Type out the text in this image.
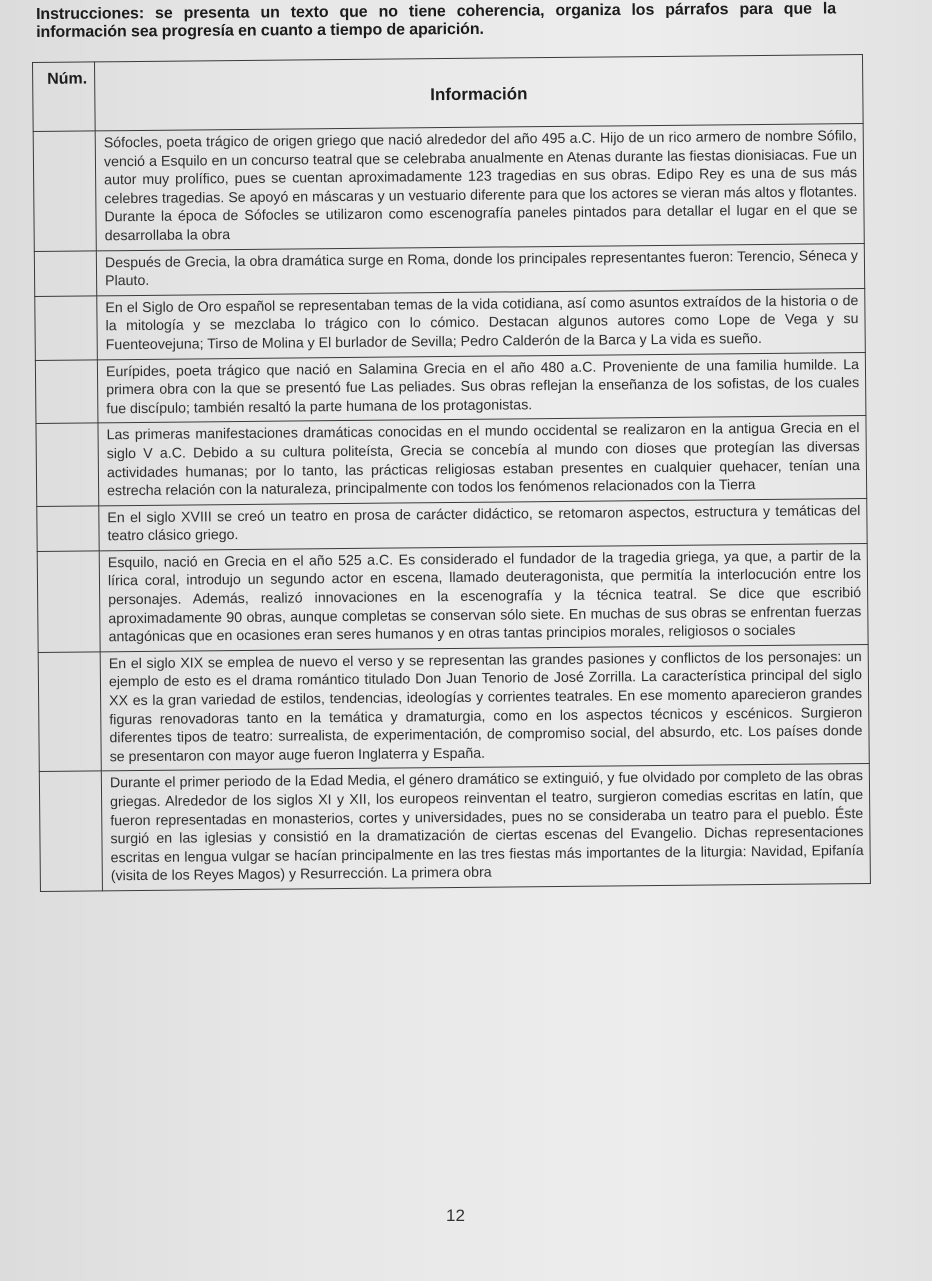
Instrucciones: se presenta un texto que no tiene coherencia, organiza los párrafos para que la información sea progresía en cuanto a tiempo de aparición.
Núm.	Información
	Sófocles, poeta trágico de origen griego que nació alrededor del año 495 a.C. Hijo de un rico armero de nombre Sófilo, venció a Esquilo en un concurso teatral que se celebraba anualmente en Atenas durante las fiestas dionisiacas. Fue un autor muy prolífico, pues se cuentan aproximadamente 123 tragedias en sus obras. Edipo Rey es una de sus más celebres tragedias. Se apoyó en máscaras y un vestuario diferente para que los actores se vieran más altos y flotantes. Durante la época de Sófocles se utilizaron como escenografía paneles pintados para detallar el lugar en el que se desarrollaba la obra
	Después de Grecia, la obra dramática surge en Roma, donde los principales representantes fueron: Terencio, Séneca y Plauto.
	En el Siglo de Oro español se representaban temas de la vida cotidiana, así como asuntos extraídos de la historia o de la mitología y se mezclaba lo trágico con lo cómico. Destacan algunos autores como Lope de Vega y su Fuenteovejuna; Tirso de Molina y El burlador de Sevilla; Pedro Calderón de la Barca y La vida es sueño.
	Eurípides, poeta trágico que nació en Salamina Grecia en el año 480 a.C. Proveniente de una familia humilde. La primera obra con la que se presentó fue Las peliades. Sus obras reflejan la enseñanza de los sofistas, de los cuales fue discípulo; también resaltó la parte humana de los protagonistas.
	Las primeras manifestaciones dramáticas conocidas en el mundo occidental se realizaron en la antigua Grecia en el siglo V a.C. Debido a su cultura politeísta, Grecia se concebía al mundo con dioses que protegían las diversas actividades humanas; por lo tanto, las prácticas religiosas estaban presentes en cualquier quehacer, tenían una estrecha relación con la naturaleza, principalmente con todos los fenómenos relacionados con la Tierra
	En el siglo XVIII se creó un teatro en prosa de carácter didáctico, se retomaron aspectos, estructura y temáticas del teatro clásico griego.
	Esquilo, nació en Grecia en el año 525 a.C. Es considerado el fundador de la tragedia griega, ya que, a partir de la lírica coral, introdujo un segundo actor en escena, llamado deuteragonista, que permitía la interlocución entre los personajes. Además, realizó innovaciones en la escenografía y la técnica teatral. Se dice que escribió aproximadamente 90 obras, aunque completas se conservan sólo siete. En muchas de sus obras se enfrentan fuerzas antagónicas que en ocasiones eran seres humanos y en otras tantas principios morales, religiosos o sociales
	En el siglo XIX se emplea de nuevo el verso y se representan las grandes pasiones y conflictos de los personajes: un ejemplo de esto es el drama romántico titulado Don Juan Tenorio de José Zorrilla. La característica principal del siglo XX es la gran variedad de estilos, tendencias, ideologías y corrientes teatrales. En ese momento aparecieron grandes figuras renovadoras tanto en la temática y dramaturgia, como en los aspectos técnicos y escénicos. Surgieron diferentes tipos de teatro: surrealista, de experimentación, de compromiso social, del absurdo, etc. Los países donde se presentaron con mayor auge fueron Inglaterra y España.
	Durante el primer periodo de la Edad Media, el género dramático se extinguió, y fue olvidado por completo de las obras griegas. Alrededor de los siglos XI y XII, los europeos reinventan el teatro, surgieron comedias escritas en latín, que fueron representadas en monasterios, cortes y universidades, pues no se consideraba un teatro para el pueblo. Éste surgió en las iglesias y consistió en la dramatización de ciertas escenas del Evangelio. Dichas representaciones escritas en lengua vulgar se hacían principalmente en las tres fiestas más importantes de la liturgia: Navidad, Epifanía (visita de los Reyes Magos) y Resurrección. La primera obra
12
